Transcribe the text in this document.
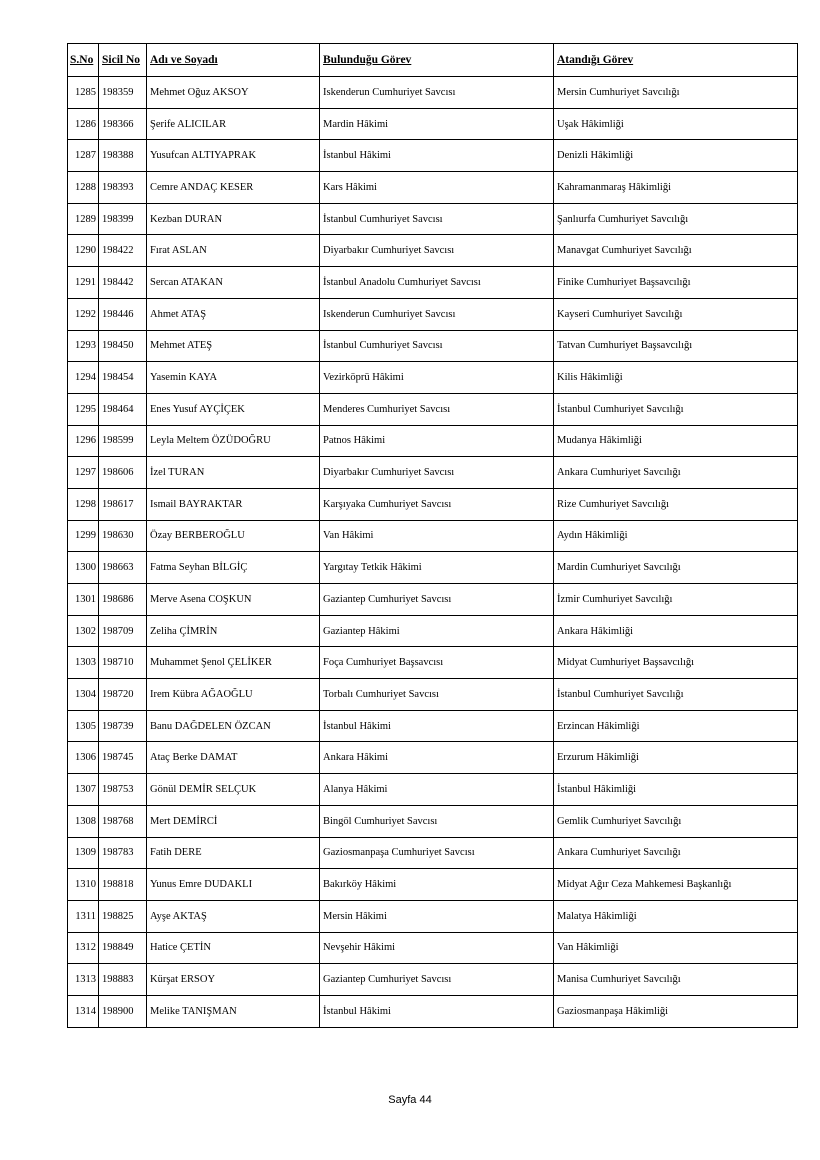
S.No	Sicil No	Adı ve Soyadı	Bulunduğu Görev	Atandığı Görev
1285	198359	Mehmet Oğuz AKSOY	Iskenderun Cumhuriyet Savcısı	Mersin Cumhuriyet Savcılığı
1286	198366	Şerife ALICILAR	Mardin Hâkimi	Uşak Hâkimliği
1287	198388	Yusufcan ALTIYAPRAK	İstanbul Hâkimi	Denizli Hâkimliği
1288	198393	Cemre ANDAÇ KESER	Kars Hâkimi	Kahramanmaraş Hâkimliği
1289	198399	Kezban DURAN	İstanbul Cumhuriyet Savcısı	Şanlıurfa Cumhuriyet Savcılığı
1290	198422	Fırat ASLAN	Diyarbakır Cumhuriyet Savcısı	Manavgat Cumhuriyet Savcılığı
1291	198442	Sercan ATAKAN	İstanbul Anadolu Cumhuriyet Savcısı	Finike Cumhuriyet Başsavcılığı
1292	198446	Ahmet ATAŞ	Iskenderun Cumhuriyet Savcısı	Kayseri Cumhuriyet Savcılığı
1293	198450	Mehmet ATEŞ	İstanbul Cumhuriyet Savcısı	Tatvan Cumhuriyet Başsavcılığı
1294	198454	Yasemin KAYA	Vezirköprü Hâkimi	Kilis Hâkimliği
1295	198464	Enes Yusuf AYÇİÇEK	Menderes Cumhuriyet Savcısı	İstanbul Cumhuriyet Savcılığı
1296	198599	Leyla Meltem ÖZÜDOĞRU	Patnos Hâkimi	Mudanya Hâkimliği
1297	198606	İzel TURAN	Diyarbakır Cumhuriyet Savcısı	Ankara Cumhuriyet Savcılığı
1298	198617	Ismail BAYRAKTAR	Karşıyaka Cumhuriyet Savcısı	Rize Cumhuriyet Savcılığı
1299	198630	Özay BERBEROĞLU	Van Hâkimi	Aydın Hâkimliği
1300	198663	Fatma Seyhan BİLGİÇ	Yargıtay Tetkik Hâkimi	Mardin Cumhuriyet Savcılığı
1301	198686	Merve Asena COŞKUN	Gaziantep Cumhuriyet Savcısı	İzmir Cumhuriyet Savcılığı
1302	198709	Zeliha ÇİMRİN	Gaziantep Hâkimi	Ankara Hâkimliği
1303	198710	Muhammet Şenol ÇELİKER	Foça Cumhuriyet Başsavcısı	Midyat Cumhuriyet Başsavcılığı
1304	198720	Irem Kübra AĞAOĞLU	Torbalı Cumhuriyet Savcısı	İstanbul Cumhuriyet Savcılığı
1305	198739	Banu DAĞDELEN ÖZCAN	İstanbul Hâkimi	Erzincan Hâkimliği
1306	198745	Ataç Berke DAMAT	Ankara Hâkimi	Erzurum Hâkimliği
1307	198753	Gönül DEMİR SELÇUK	Alanya Hâkimi	İstanbul Hâkimliği
1308	198768	Mert DEMİRCİ	Bingöl Cumhuriyet Savcısı	Gemlik Cumhuriyet Savcılığı
1309	198783	Fatih DERE	Gaziosmanpaşa Cumhuriyet Savcısı	Ankara Cumhuriyet Savcılığı
1310	198818	Yunus Emre DUDAKLI	Bakırköy Hâkimi	Midyat Ağır Ceza Mahkemesi Başkanlığı
1311	198825	Ayşe AKTAŞ	Mersin Hâkimi	Malatya Hâkimliği
1312	198849	Hatice ÇETİN	Nevşehir Hâkimi	Van Hâkimliği
1313	198883	Kürşat ERSOY	Gaziantep Cumhuriyet Savcısı	Manisa Cumhuriyet Savcılığı
1314	198900	Melike TANIŞMAN	İstanbul Hâkimi	Gaziosmanpaşa Hâkimliği
Sayfa 44
